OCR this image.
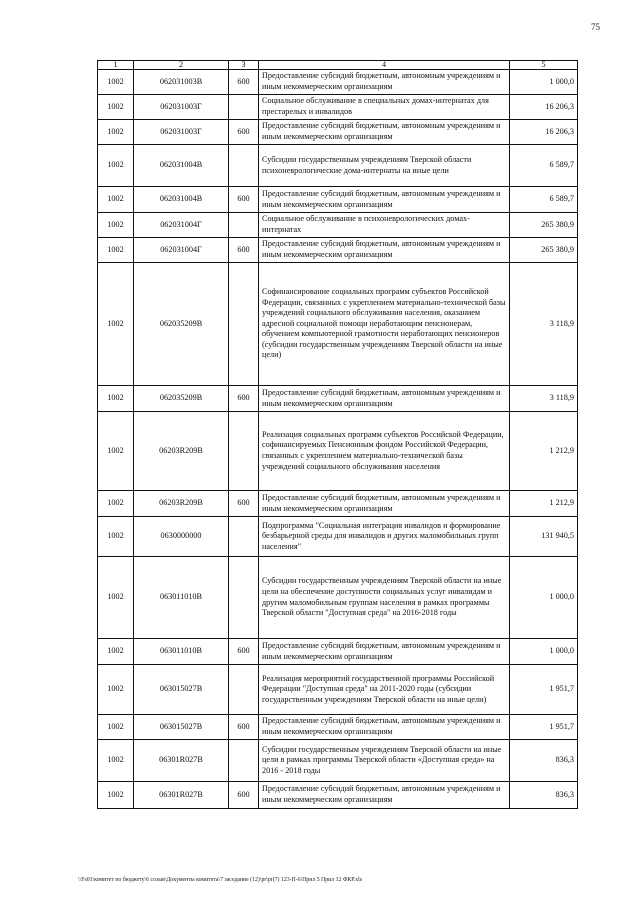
75
1	2	3	4	5
1002	062031003В	600	Предоставление субсидий бюджетным, автономным учреждениям и иным некоммерческим организациям	1 000,0
1002	062031003Г		Социальное обслуживание в специальных домах-интернатах для престарелых и инвалидов	16 206,3
1002	062031003Г	600	Предоставление субсидий бюджетным, автономным учреждениям и иным некоммерческим организациям	16 206,3
1002	062031004В		Субсидии государственным учреждениям Тверской области психоневрологические дома-интернаты на иные цели	6 589,7
1002	062031004В	600	Предоставление субсидий бюджетным, автономным учреждениям и иным некоммерческим организациям	6 589,7
1002	062031004Г		Социальное обслуживание в психоневрологических домах-интернатах	265 380,9
1002	062031004Г	600	Предоставление субсидий бюджетным, автономным учреждениям и иным некоммерческим организациям	265 380,9
1002	062035209В		Софинансирование социальных программ субъектов Российской Федерации, связанных с укреплением материально-технической базы учреждений социального обслуживания населения, оказанием адресной социальной помощи неработающим пенсионерам, обучением компьютерной грамотности неработающих пенсионеров (субсидии государственным учреждениям Тверской области на иные цели)	3 118,9
1002	062035209В	600	Предоставление субсидий бюджетным, автономным учреждениям и иным некоммерческим организациям	3 118,9
1002	06203R209В		Реализация социальных программ субъектов Российской Федерации, софинансируемых Пенсионным фондом Российской Федерации, связанных с укреплением материально-технической базы учреждений социального обслуживания населения	1 212,9
1002	06203R209В	600	Предоставление субсидий бюджетным, автономным учреждениям и иным некоммерческим организациям	1 212,9
1002	0630000000		Подпрограмма "Социальная интеграция инвалидов и формирование безбарьерной среды для инвалидов и других маломобильных групп населения"	131 940,5
1002	063011010В		Субсидии государственным учреждениям Тверской области на иные цели на обеспечение доступности социальных услуг инвалидам и другим маломобильным группам населения в рамках программы Тверской области "Доступная среда" на 2016-2018 годы	1 000,0
1002	063011010В	600	Предоставление субсидий бюджетным, автономным учреждениям и иным некоммерческим организациям	1 000,0
1002	063015027В		Реализация мероприятий государственной программы Российской Федерации "Доступная среда" на 2011-2020 годы (субсидии государственным учреждениям Тверской области на иные цели)	1 951,7
1002	063015027В	600	Предоставление субсидий бюджетным, автономным учреждениям и иным некоммерческим организациям	1 951,7
1002	06301R027В		Субсидии государственным учреждениям Тверской области на иные цели в рамках программы Тверской области «Доступная среда» на 2016 - 2018 годы	836,3
1002	06301R027В	600	Предоставление субсидий бюджетным, автономным учреждениям и иным некоммерческим организациям	836,3
\\Fs01\комитет по бюджету\6 созыв\Документы комитета\7 заседание (12)\pr\pr(7) 123-П-6\Прил 5 Прил 12 ФКР.xls
